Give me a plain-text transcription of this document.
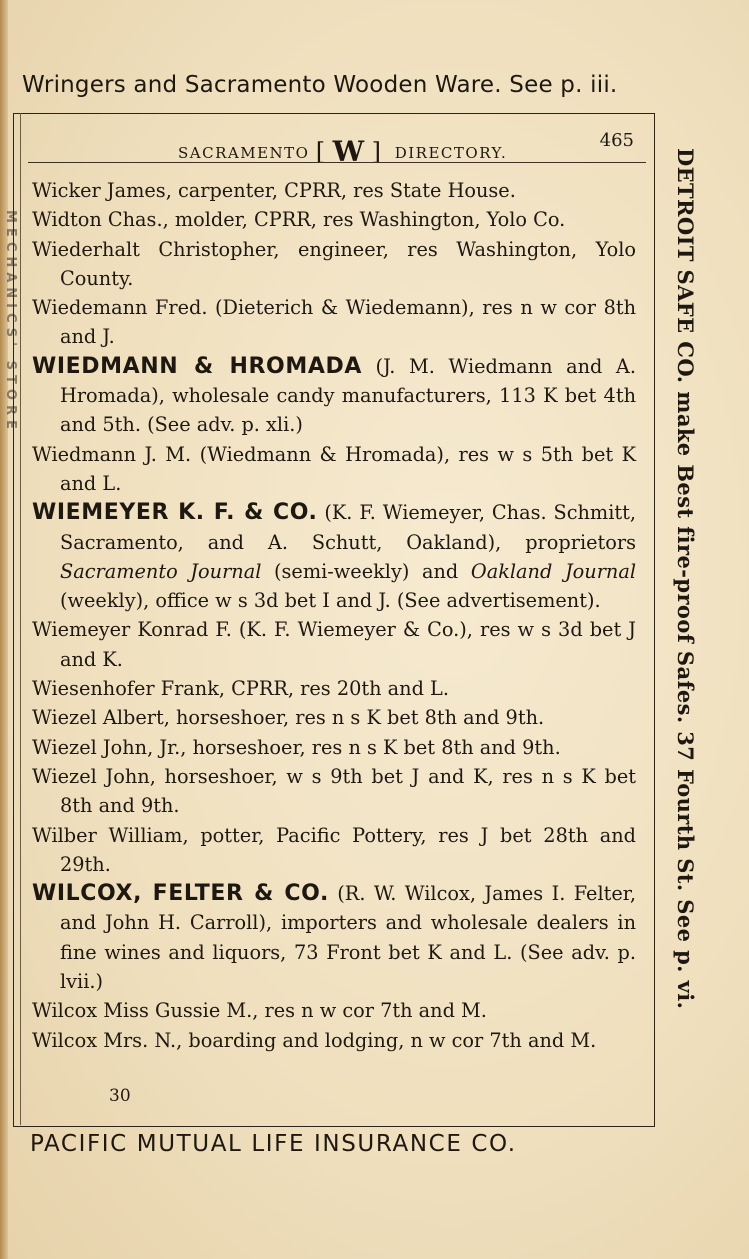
MECHANICS' STORE
Wringers and Sacramento Wooden Ware. See p. iii.
SACRAMENTO [ W ] DIRECTORY.
465
Wicker James, carpenter, CPRR, res State House.
Widton Chas., molder, CPRR, res Washington, Yolo Co.
Wiederhalt Christopher, engineer, res Washington, Yolo County.
Wiedemann Fred. (Dieterich & Wiedemann), res n w cor 8th and J.
WIEDMANN & HROMADA (J. M. Wiedmann and A. Hromada), wholesale candy manufacturers, 113 K bet 4th and 5th. (See adv. p. xli.)
Wiedmann J. M. (Wiedmann & Hromada), res w s 5th bet K and L.
WIEMEYER K. F. & CO. (K. F. Wiemeyer, Chas. Schmitt, Sacramento, and A. Schutt, Oakland), proprietors Sacramento Journal (semi-weekly) and Oakland Journal (weekly), office w s 3d bet I and J. (See advertisement).
Wiemeyer Konrad F. (K. F. Wiemeyer & Co.), res w s 3d bet J and K.
Wiesenhofer Frank, CPRR, res 20th and L.
Wiezel Albert, horseshoer, res n s K bet 8th and 9th.
Wiezel John, Jr., horseshoer, res n s K bet 8th and 9th.
Wiezel John, horseshoer, w s 9th bet J and K, res n s K bet 8th and 9th.
Wilber William, potter, Pacific Pottery, res J bet 28th and 29th.
WILCOX, FELTER & CO. (R. W. Wilcox, James I. Felter, and John H. Carroll), importers and wholesale dealers in fine wines and liquors, 73 Front bet K and L. (See adv. p. lvii.)
Wilcox Miss Gussie M., res n w cor 7th and M.
Wilcox Mrs. N., boarding and lodging, n w cor 7th and M.
30
PACIFIC MUTUAL LIFE INSURANCE CO.
DETROIT SAFE CO. make Best fire-proof Safes. 37 Fourth St. See p. vi.
